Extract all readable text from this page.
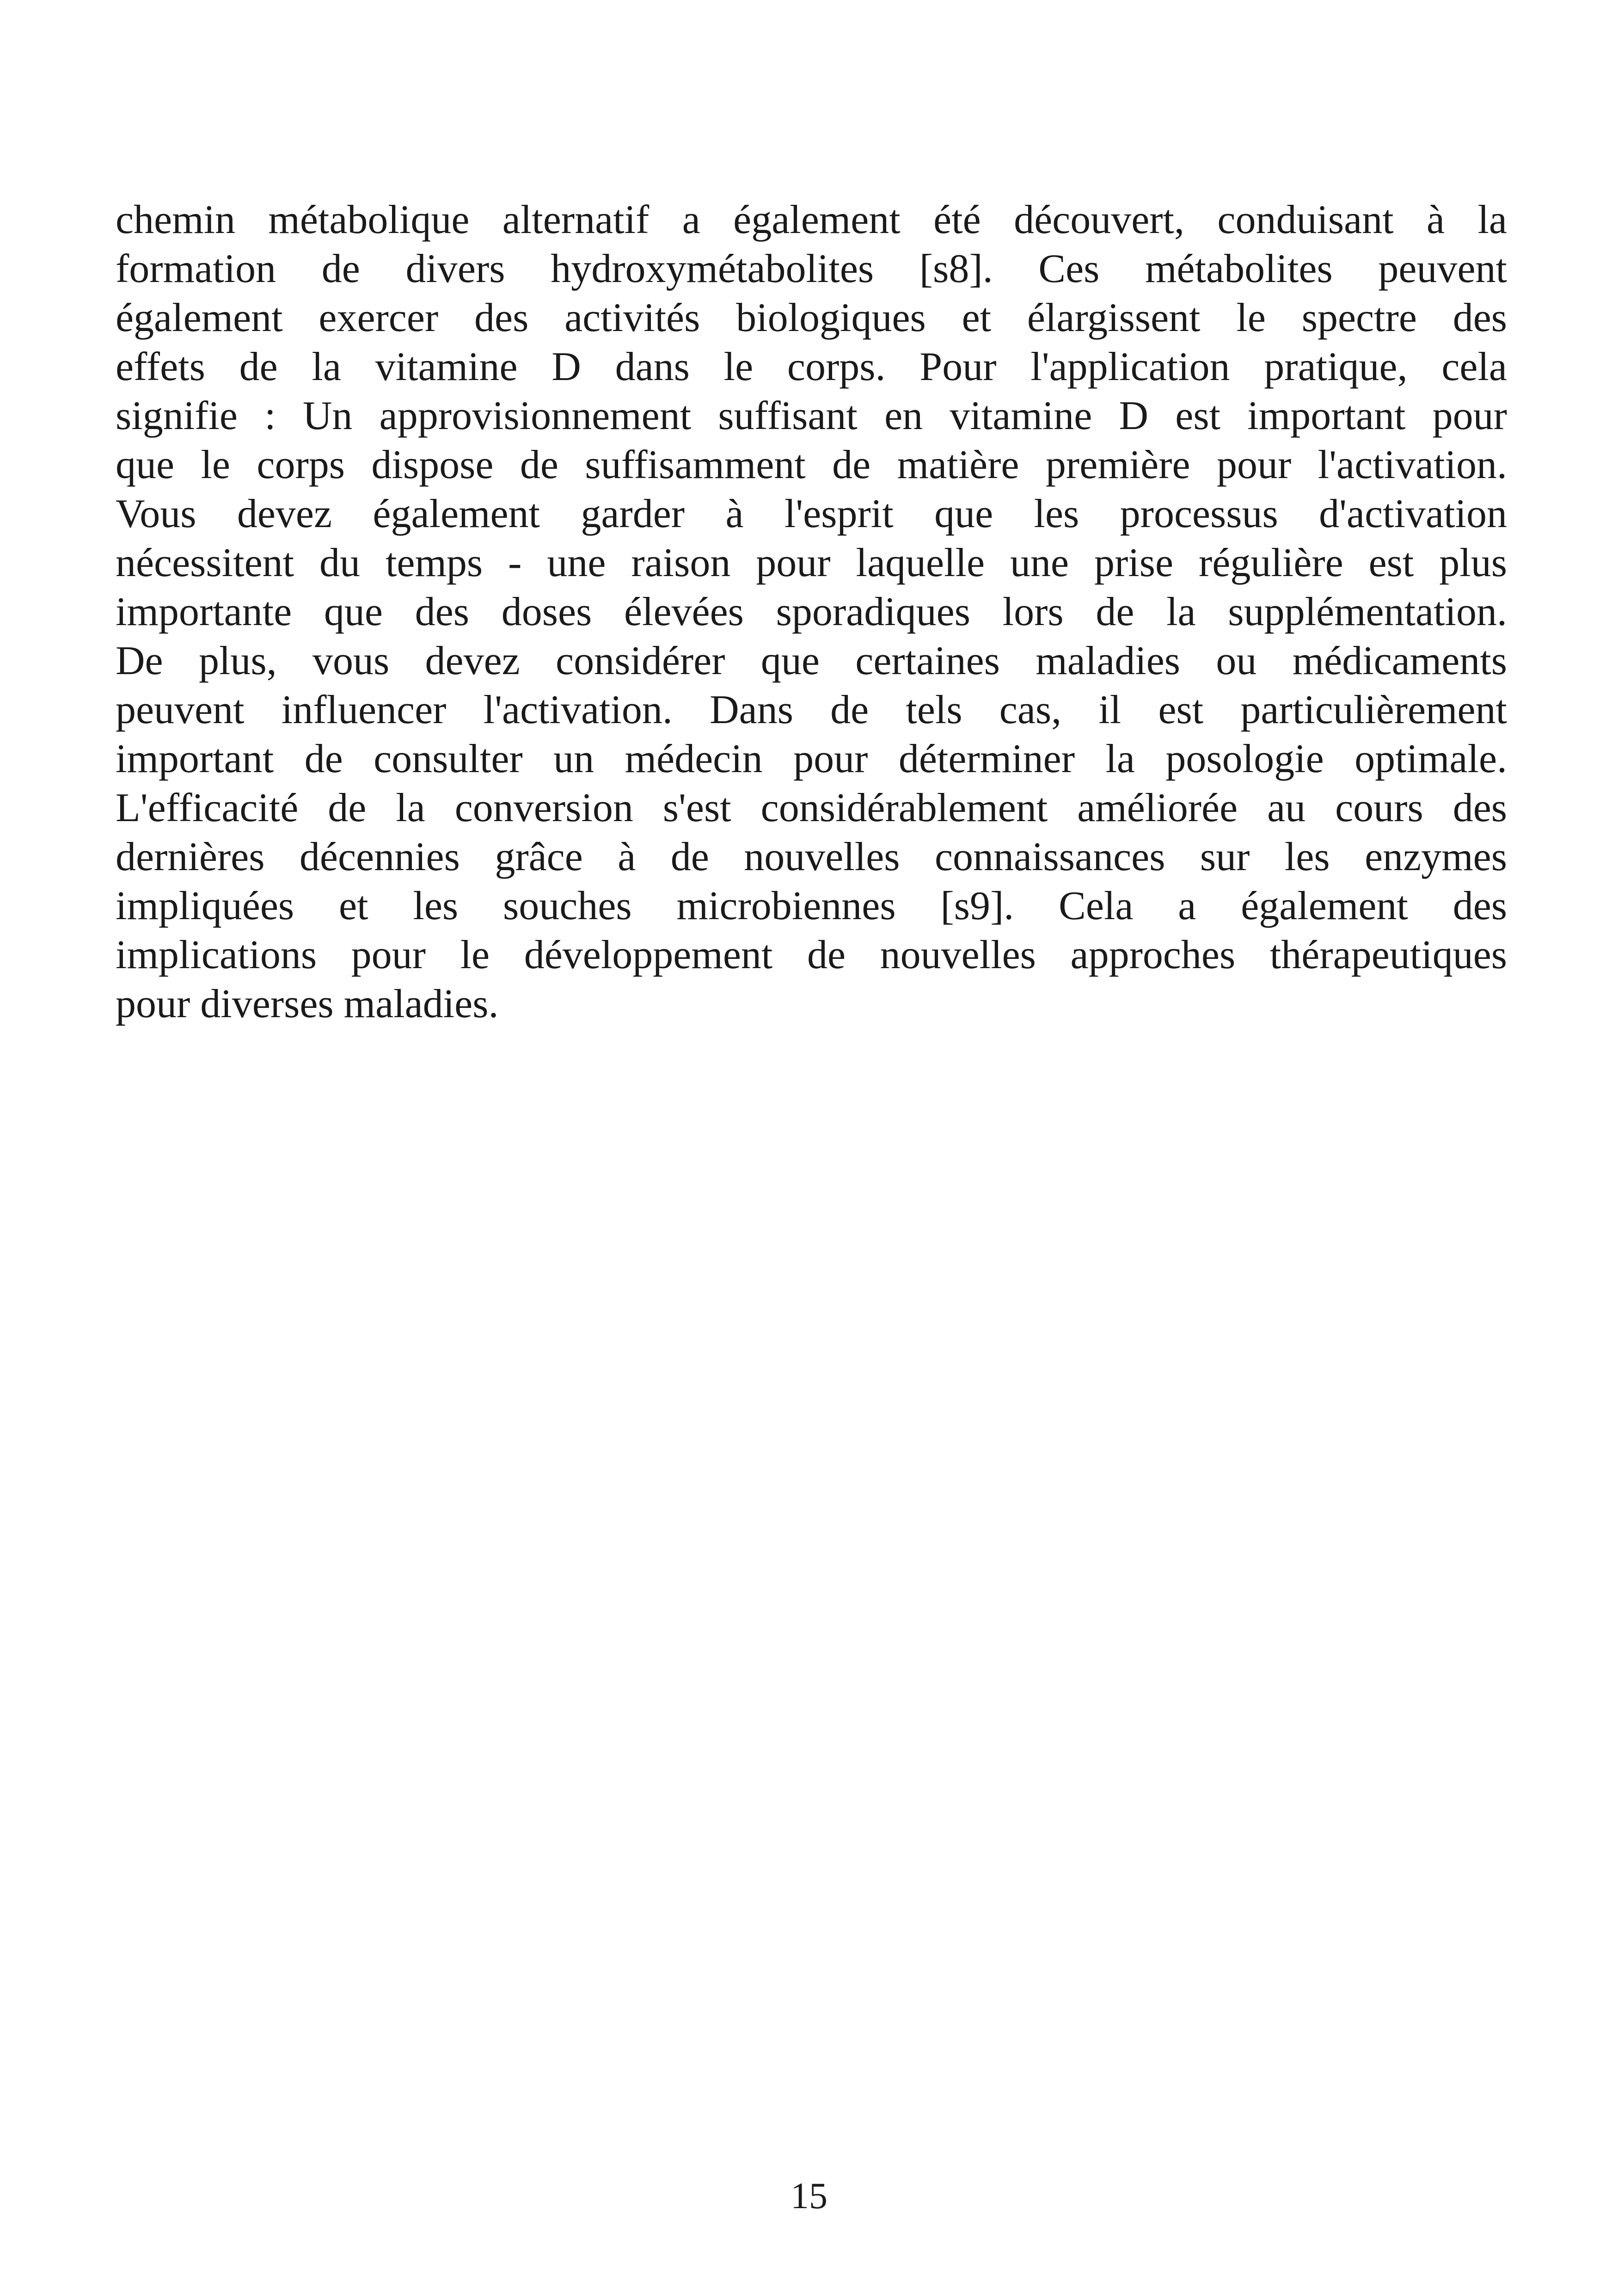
chemin métabolique alternatif a également été découvert, conduisant à la
formation de divers hydroxymétabolites [s8]. Ces métabolites peuvent
également exercer des activités biologiques et élargissent le spectre des
effets de la vitamine D dans le corps. Pour l'application pratique, cela
signifie : Un approvisionnement suffisant en vitamine D est important pour
que le corps dispose de suffisamment de matière première pour l'activation.
Vous devez également garder à l'esprit que les processus d'activation
nécessitent du temps - une raison pour laquelle une prise régulière est plus
importante que des doses élevées sporadiques lors de la supplémentation.
De plus, vous devez considérer que certaines maladies ou médicaments
peuvent influencer l'activation. Dans de tels cas, il est particulièrement
important de consulter un médecin pour déterminer la posologie optimale.
L'efficacité de la conversion s'est considérablement améliorée au cours des
dernières décennies grâce à de nouvelles connaissances sur les enzymes
impliquées et les souches microbiennes [s9]. Cela a également des
implications pour le développement de nouvelles approches thérapeutiques
pour diverses maladies.
15
